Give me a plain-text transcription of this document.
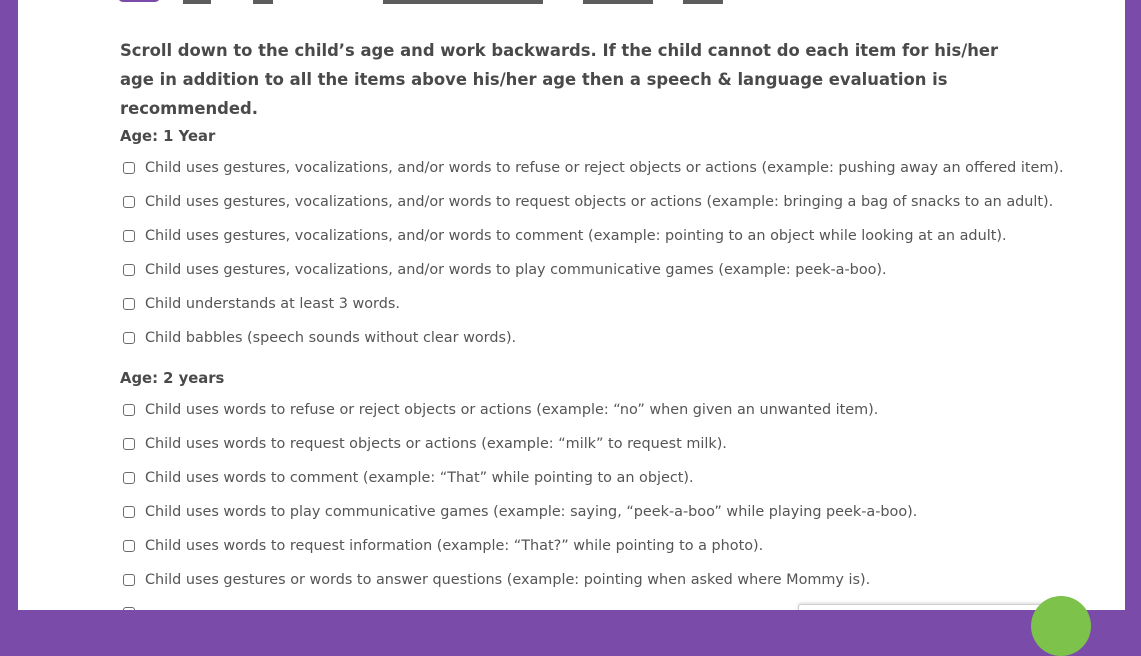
Scroll down to the child’s age and work backwards. If the child cannot do each item for his/her age in addition to all the items above his/her age then a speech & language evaluation is recommended.

Age: 1 Year

Child uses gestures, vocalizations, and/or words to refuse or reject objects or actions (example: pushing away an offered item).
Child uses gestures, vocalizations, and/or words to request objects or actions (example: bringing a bag of snacks to an adult).
Child uses gestures, vocalizations, and/or words to comment (example: pointing to an object while looking at an adult).
Child uses gestures, vocalizations, and/or words to play communicative games (example: peek-a-boo).
Child understands at least 3 words.
Child babbles (speech sounds without clear words).

Age: 2 years

Child uses words to refuse or reject objects or actions (example: “no” when given an unwanted item).
Child uses words to request objects or actions (example: “milk” to request milk).
Child uses words to comment (example: “That” while pointing to an object).
Child uses words to play communicative games (example: saying, “peek-a-boo” while playing peek-a-boo).
Child uses words to request information (example: “That?” while pointing to a photo).
Child uses gestures or words to answer questions (example: pointing when asked where Mommy is).
